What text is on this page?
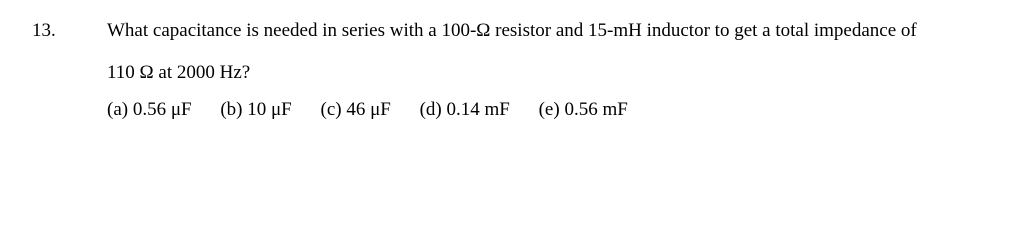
13.	What capacitance is needed in series with a 100-Ω resistor and 15-mH inductor to get a total impedance of
110 Ω at 2000 Hz?
(a) 0.56 μF (b) 10 μF (c) 46 μF (d) 0.14 mF (e) 0.56 mF
